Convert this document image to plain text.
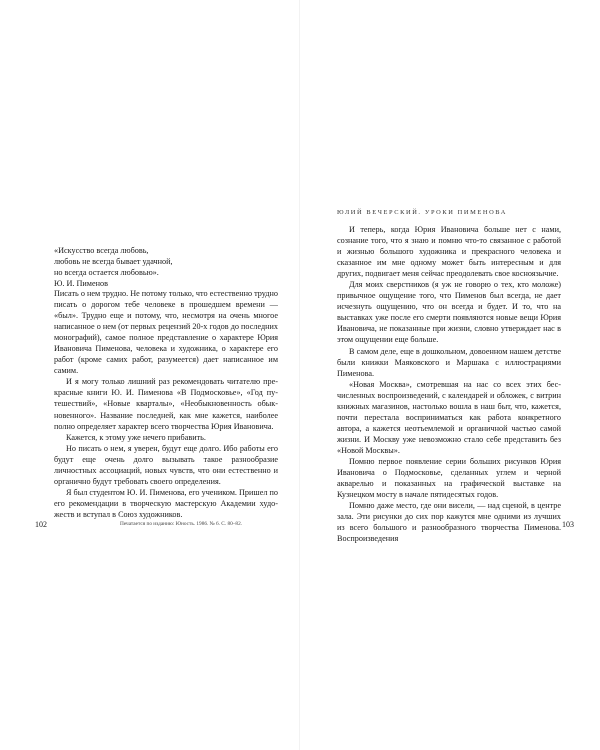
«Искусство всегда любовь,
любовь не всегда бывает удачной,
но всегда остается любовью».
Ю. И. Пименов

Писать о нем трудно. Не потому только, что естественно трудно писать о дорогом тебе человеке в прошедшем времени — «был». Трудно еще и потому, что, несмотря на очень многое написанное о нем (от первых рецензий 20-х годов до последних монографий), самое полное представление о характере Юрия Ивановича Пименова, человека и художника, о характере его работ (кроме самих работ, разумеется) дает написанное им самим.

И я могу только лишний раз рекомендовать читателю прекрасные книги Ю. И. Пименова «В Подмосковье», «Год путешествий», «Новые кварталы», «Необыкновенность обыкновенного». Название последней, как мне кажется, наиболее полно определяет характер всего творчества Юрия Ивановича.

Кажется, к этому уже нечего прибавить.

Но писать о нем, я уверен, будут еще долго. Ибо работы его будут еще очень долго вызывать такое разнообразие личностных ассоциаций, новых чувств, что они естественно и органично будут требовать своего определения.

Я был студентом Ю. И. Пименова, его учеником. Пришел по его рекомендации в творческую мастерскую Академии художеств и вступал в Союз художников.

102	Печатается по изданию: Юность. 1986. № 6. С. 80–82.
ЮЛИЙ ВЕЧЕРСКИЙ. УРОКИ ПИМЕНОВА

И теперь, когда Юрия Ивановича больше нет с нами, сознание того, что я знаю и помню что-то связанное с работой и жизнью большого художника и прекрасного человека и сказанное им мне одному может быть интересным и для других, подвигает меня сейчас преодолевать свое косноязычие.

Для моих сверстников (я уж не говорю о тех, кто моложе) привычное ощущение того, что Пименов был всегда, не дает исчезнуть ощущению, что он всегда и будет. И то, что на выставках уже после его смерти появляются новые вещи Юрия Ивановича, не показанные при жизни, словно утверждает нас в этом ощущении еще больше.

В самом деле, еще в дошкольном, довоенном нашем детстве были книжки Маяковского и Маршака с иллюстрациями Пименова.

«Новая Москва», смотревшая на нас со всех этих бесчисленных воспроизведений, с календарей и обложек, с витрин книжных магазинов, настолько вошла в наш быт, что, кажется, почти перестала восприниматься как работа конкретного автора, а кажется неотъемлемой и органичной частью самой жизни. И Москву уже невозможно стало себе представить без «Новой Москвы».

Помню первое появление серии больших рисунков Юрия Ивановича о Подмосковье, сделанных углем и черной акварелью и показанных на графической выставке на Кузнецком мосту в начале пятидесятых годов.

Помню даже место, где они висели, — над сценой, в центре зала. Эти рисунки до сих пор кажутся мне одними из лучших из всего большого и разнообразного творчества Пименова. Воспроизведения

103
